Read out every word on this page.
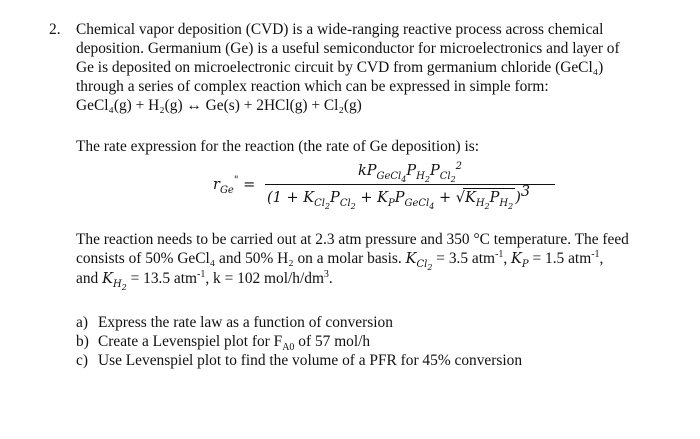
2. Chemical vapor deposition (CVD) is a wide-ranging reactive process across chemical
deposition. Germanium (Ge) is a useful semiconductor for microelectronics and layer of
Ge is deposited on microelectronic circuit by CVD from germanium chloride (GeCl₄)
through a series of complex reaction which can be expressed in simple form:
GeCl₄(g) + H₂(g) ↔ Ge(s) + 2HCl(g) + Cl₂(g)
The rate expression for the reaction (the rate of Ge deposition) is:
$r_{Ge}^"$ =
$kP_{GeCl_4}P_{H_2}P_{Cl_2}^2$
$(1 + K_{Cl_2}P_{Cl_2} + K_PP_{GeCl_4} + √K_{H_2}P_{H_2})^3$
The reaction needs to be carried out at 2.3 atm pressure and 350 °C temperature. The feed
consists of 50% GeCl₄ and 50% H₂ on a molar basis. $K_{Cl_2} = 3.5$ atm$^{-1}$, $K_P = 1.5$ atm$^{-1}$,
and $K_{H_2} = 13.5$ atm$^{-1}$, k = 102 mol/$h/dm^3$.
a) Express the rate law as a function of conversion
b) Create a Levenspiel plot for $F_{A0}$ of 57 mol/h
c) Use Levenspiel plot to find the volume of a PFR for 45% conversion
